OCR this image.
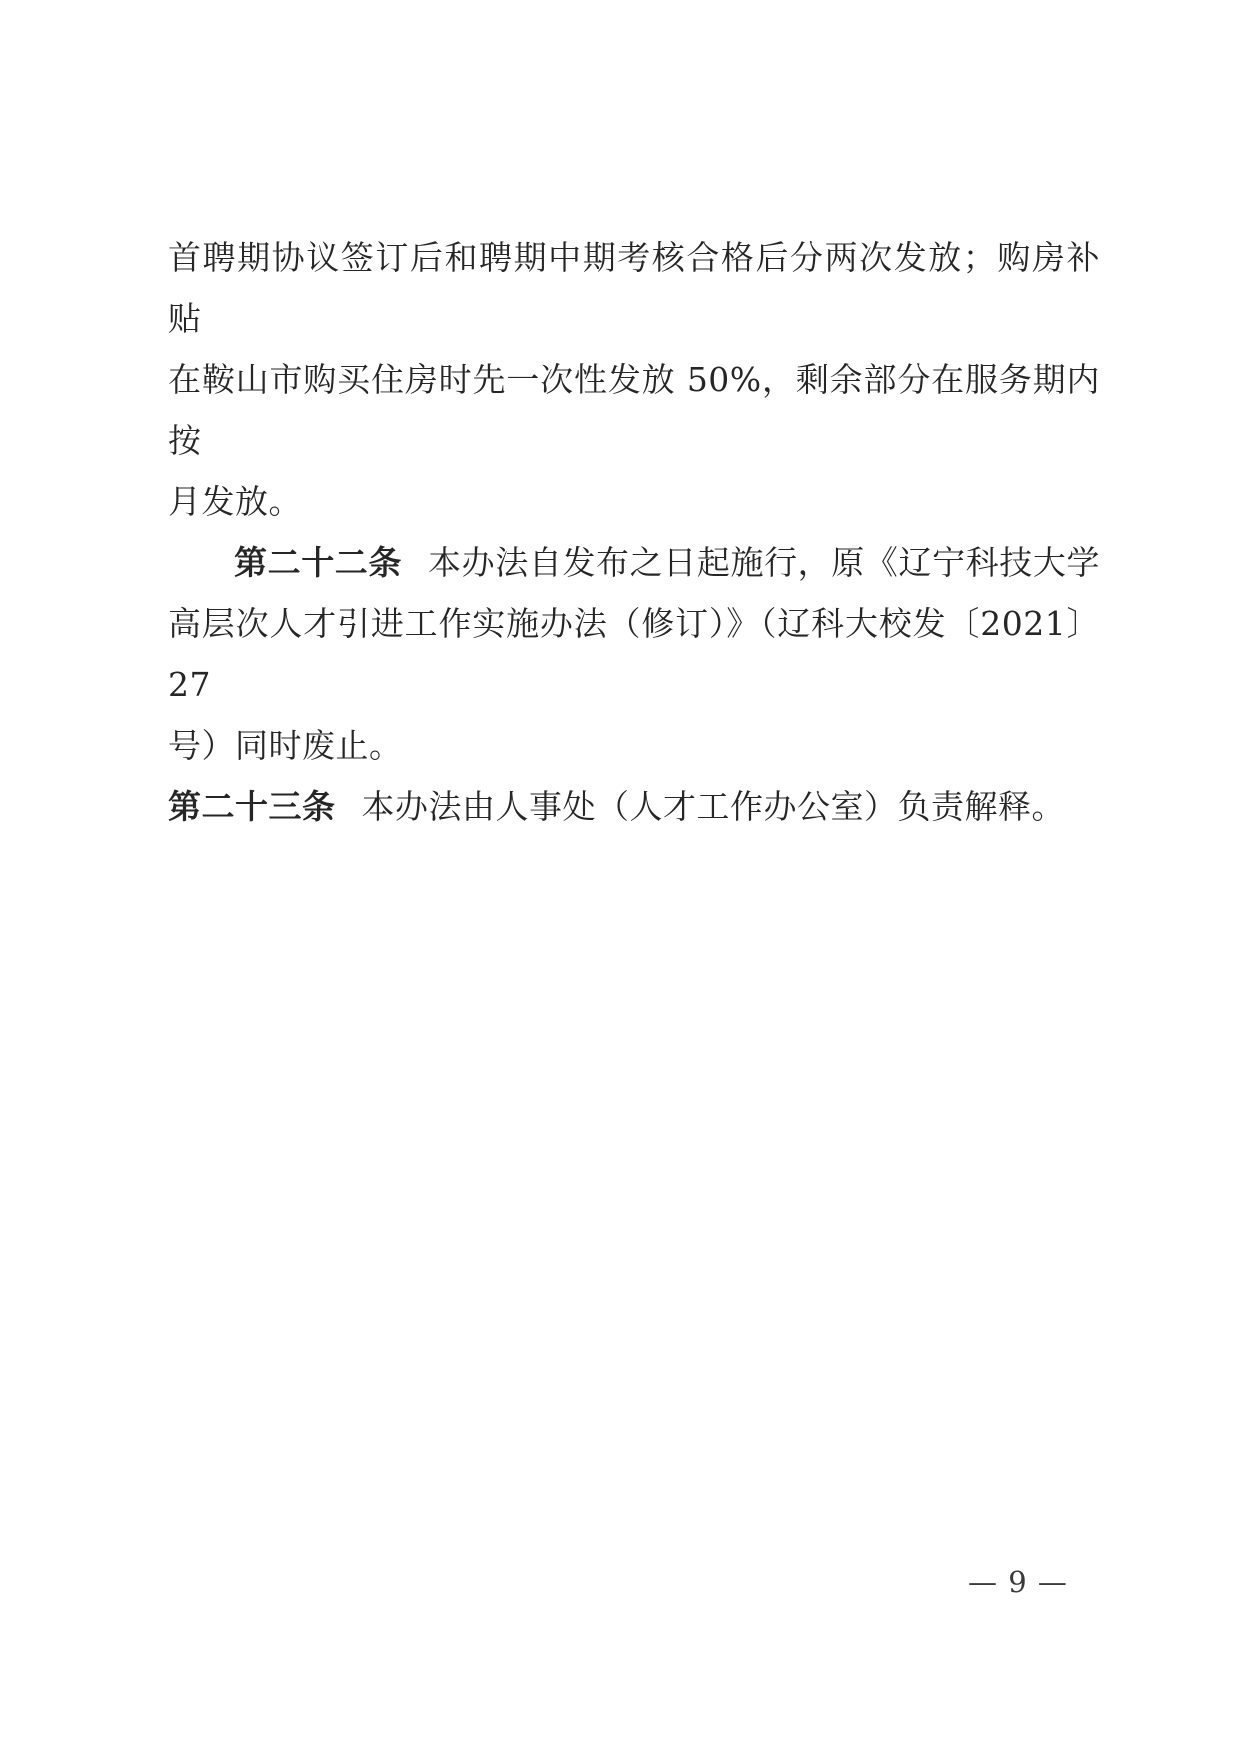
首聘期协议签订后和聘期中期考核合格后分两次发放；购房补贴
在鞍山市购买住房时先一次性发放 50%，剩余部分在服务期内按
月发放。
第二十二条 本办法自发布之日起施行，原《辽宁科技大学
高层次人才引进工作实施办法（修订）》（辽科大校发〔2021〕27
号）同时废止。
第二十三条 本办法由人事处（人才工作办公室）负责解释。
— 9 —
